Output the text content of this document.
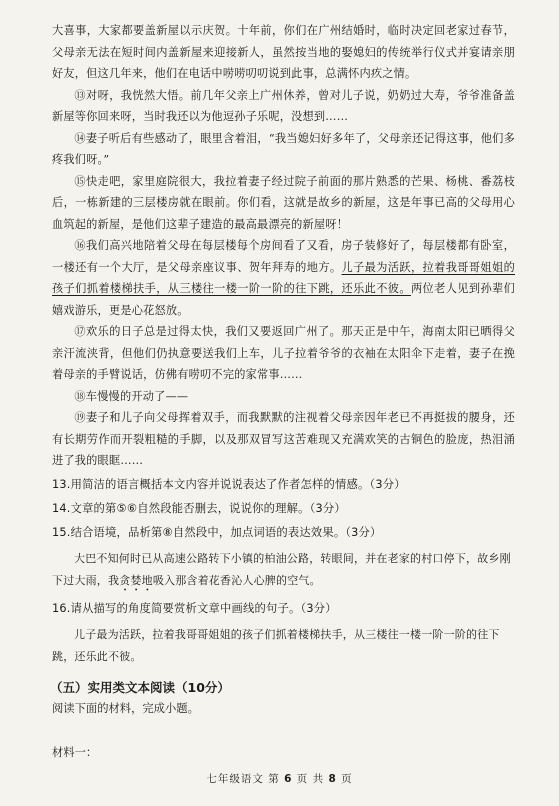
大喜事，大家都要盖新屋以示庆贺。十年前，你们在广州结婚时，临时决定回老家过春节，父母亲无法在短时间内盖新屋来迎接新人，虽然按当地的娶媳妇的传统举行仪式并宴请亲朋好友，但这几年来，他们在电话中唠唠叨叨说到此事，总满怀内疚之情。

⑬对呀，我恍然大悟。前几年父亲上广州休养，曾对儿子说，奶奶过大寿，爷爷准备盖新屋等你回来呀，当时我还以为他逗孙子乐呢，没想到……

⑭妻子听后有些感动了，眼里含着泪，“我当媳妇好多年了，父母亲还记得这事，他们多疼我们呀。”

⑮快走吧，家里庭院很大，我拉着妻子经过院子前面的那片熟悉的芒果、杨桃、番荔枝后，一栋新建的三层楼房就在眼前。你们看，这就是故乡的新屋，这是年事已高的父母用心血筑起的新屋，是他们这辈子建造的最高最漂亮的新屋呀！

⑯我们高兴地陪着父母在每层楼每个房间看了又看，房子装修好了，每层楼都有卧室，一楼还有一个大厅，是父母亲座议事、贺年拜寿的地方。儿子最为活跃，拉着我哥哥姐姐的孩子们抓着楼梯扶手，从三楼往一楼一阶一阶的往下跳，还乐此不彼。两位老人见到孙辈们嬉戏游乐，更是心花怒放。

⑰欢乐的日子总是过得太快，我们又要返回广州了。那天正是中午，海南太阳已晒得父亲汗流浃背，但他们仍执意要送我们上车，儿子拉着爷爷的衣袖在太阳伞下走着，妻子在挽着母亲的手臂说话，仿佛有唠叨不完的家常事……

⑱车慢慢的开动了——

⑲妻子和儿子向父母挥着双手，而我默默的注视着父母亲因年老已不再挺拔的腰身，还有长期劳作而开裂粗糙的手脚，以及那双冒写这苦难现又充满欢笑的古铜色的脸庞，热泪涌进了我的眼眶……

13.用简洁的语言概括本文内容并说说表达了作者怎样的情感。（3分）

14.文章的第⑤⑥自然段能否删去，说说你的理解。（3分）

15.结合语境，品析第⑧自然段中，加点词语的表达效果。（3分）

大巴不知何时已从高速公路转下小镇的柏油公路，转眼间，并在老家的村口停下，故乡刚下过大雨，我贪婪地吸入那含着花香沁人心脾的空气。

16.请从描写的角度简要赏析文章中画线的句子。（3分）

儿子最为活跃，拉着我哥哥姐姐的孩子们抓着楼梯扶手，从三楼往一楼一阶一阶的往下跳，还乐此不彼。

（五）实用类文本阅读（10分）

阅读下面的材料，完成小题。

材料一：

七年级语文 第 6 页 共 8 页
